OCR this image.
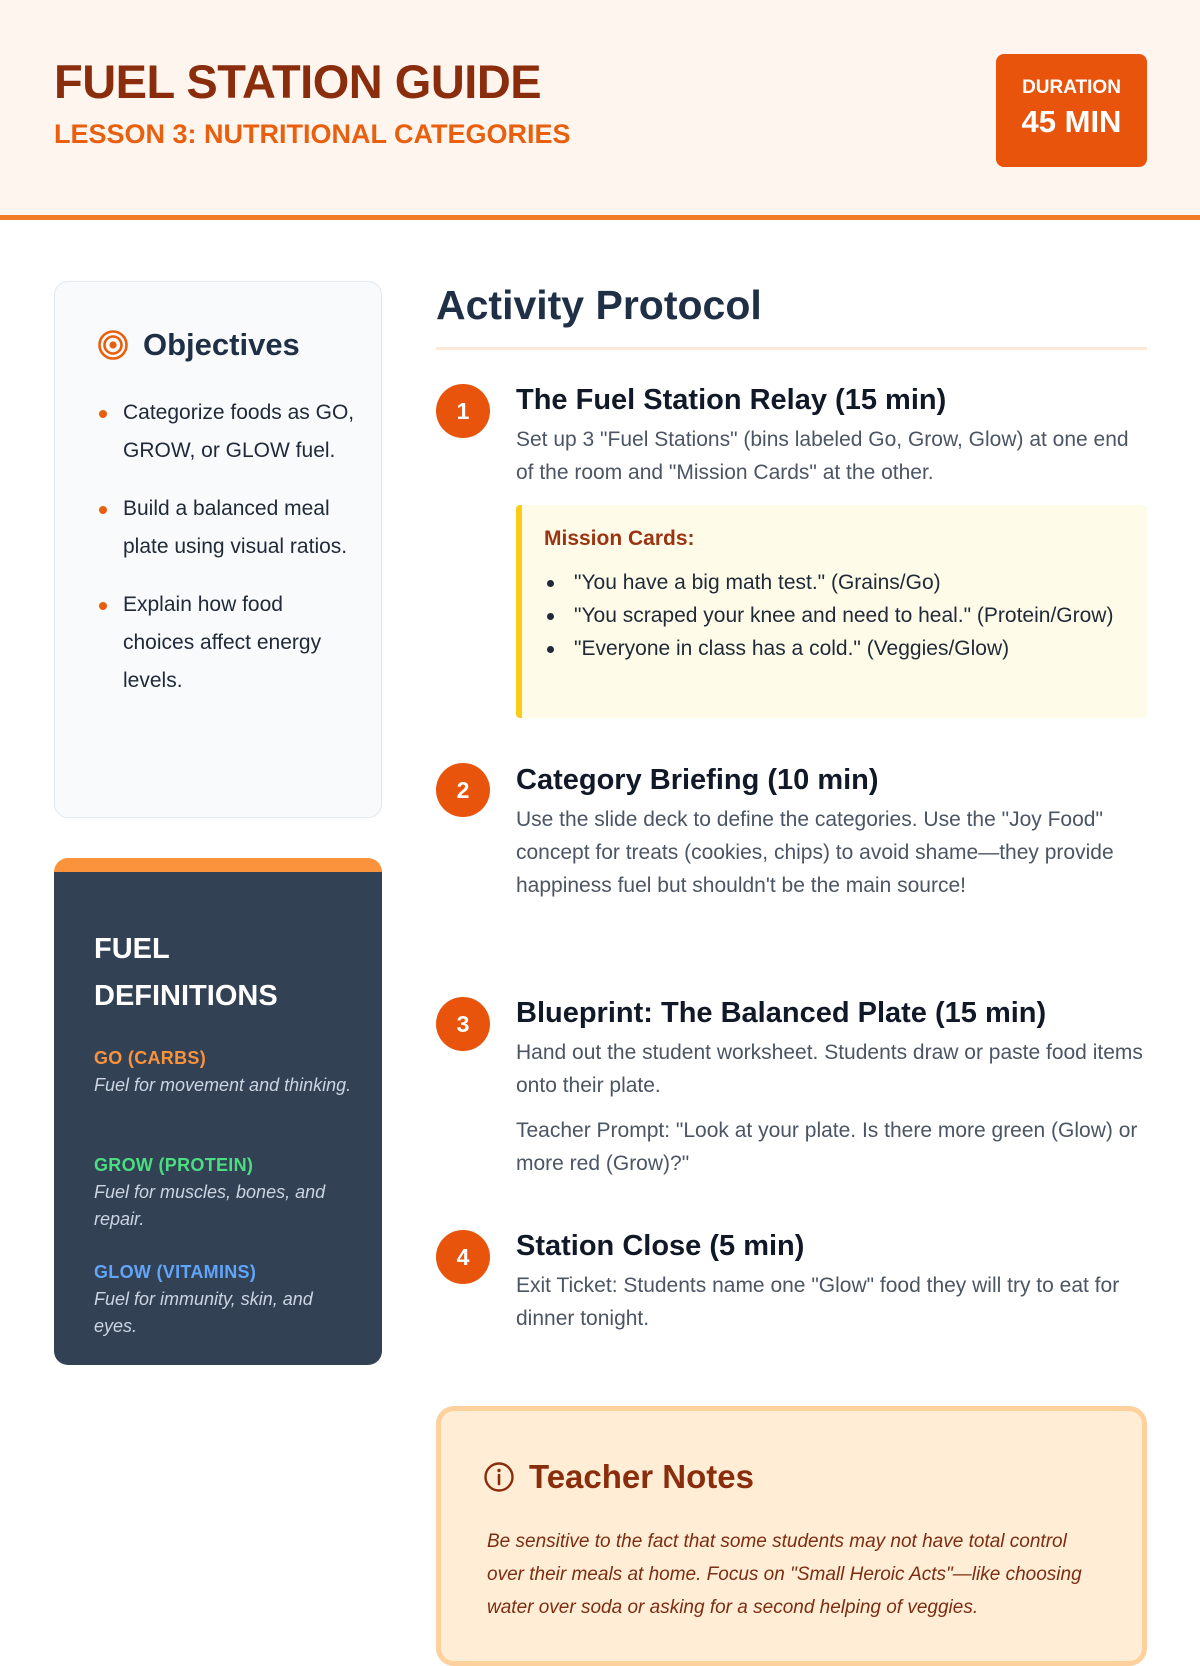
FUEL STATION GUIDE
LESSON 3: NUTRITIONAL CATEGORIES
DURATION
45 MIN
Objectives
Categorize foods as GO, GROW, or GLOW fuel.
Build a balanced meal plate using visual ratios.
Explain how food choices affect energy levels.
FUEL DEFINITIONS
GO (CARBS)
Fuel for movement and thinking.
GROW (PROTEIN)
Fuel for muscles, bones, and repair.
GLOW (VITAMINS)
Fuel for immunity, skin, and eyes.
Activity Protocol
1	The Fuel Station Relay (15 min)
Set up 3 "Fuel Stations" (bins labeled Go, Grow, Glow) at one end of the room and "Mission Cards" at the other.
Mission Cards:
"You have a big math test." (Grains/Go)
"You scraped your knee and need to heal." (Protein/Grow)
"Everyone in class has a cold." (Veggies/Glow)
2	Category Briefing (10 min)
Use the slide deck to define the categories. Use the "Joy Food" concept for treats (cookies, chips) to avoid shame—they provide happiness fuel but shouldn't be the main source!
3	Blueprint: The Balanced Plate (15 min)
Hand out the student worksheet. Students draw or paste food items onto their plate.
Teacher Prompt: "Look at your plate. Is there more green (Glow) or more red (Grow)?"
4	Station Close (5 min)
Exit Ticket: Students name one "Glow" food they will try to eat for dinner tonight.
Teacher Notes
Be sensitive to the fact that some students may not have total control over their meals at home. Focus on "Small Heroic Acts"—like choosing water over soda or asking for a second helping of veggies.
